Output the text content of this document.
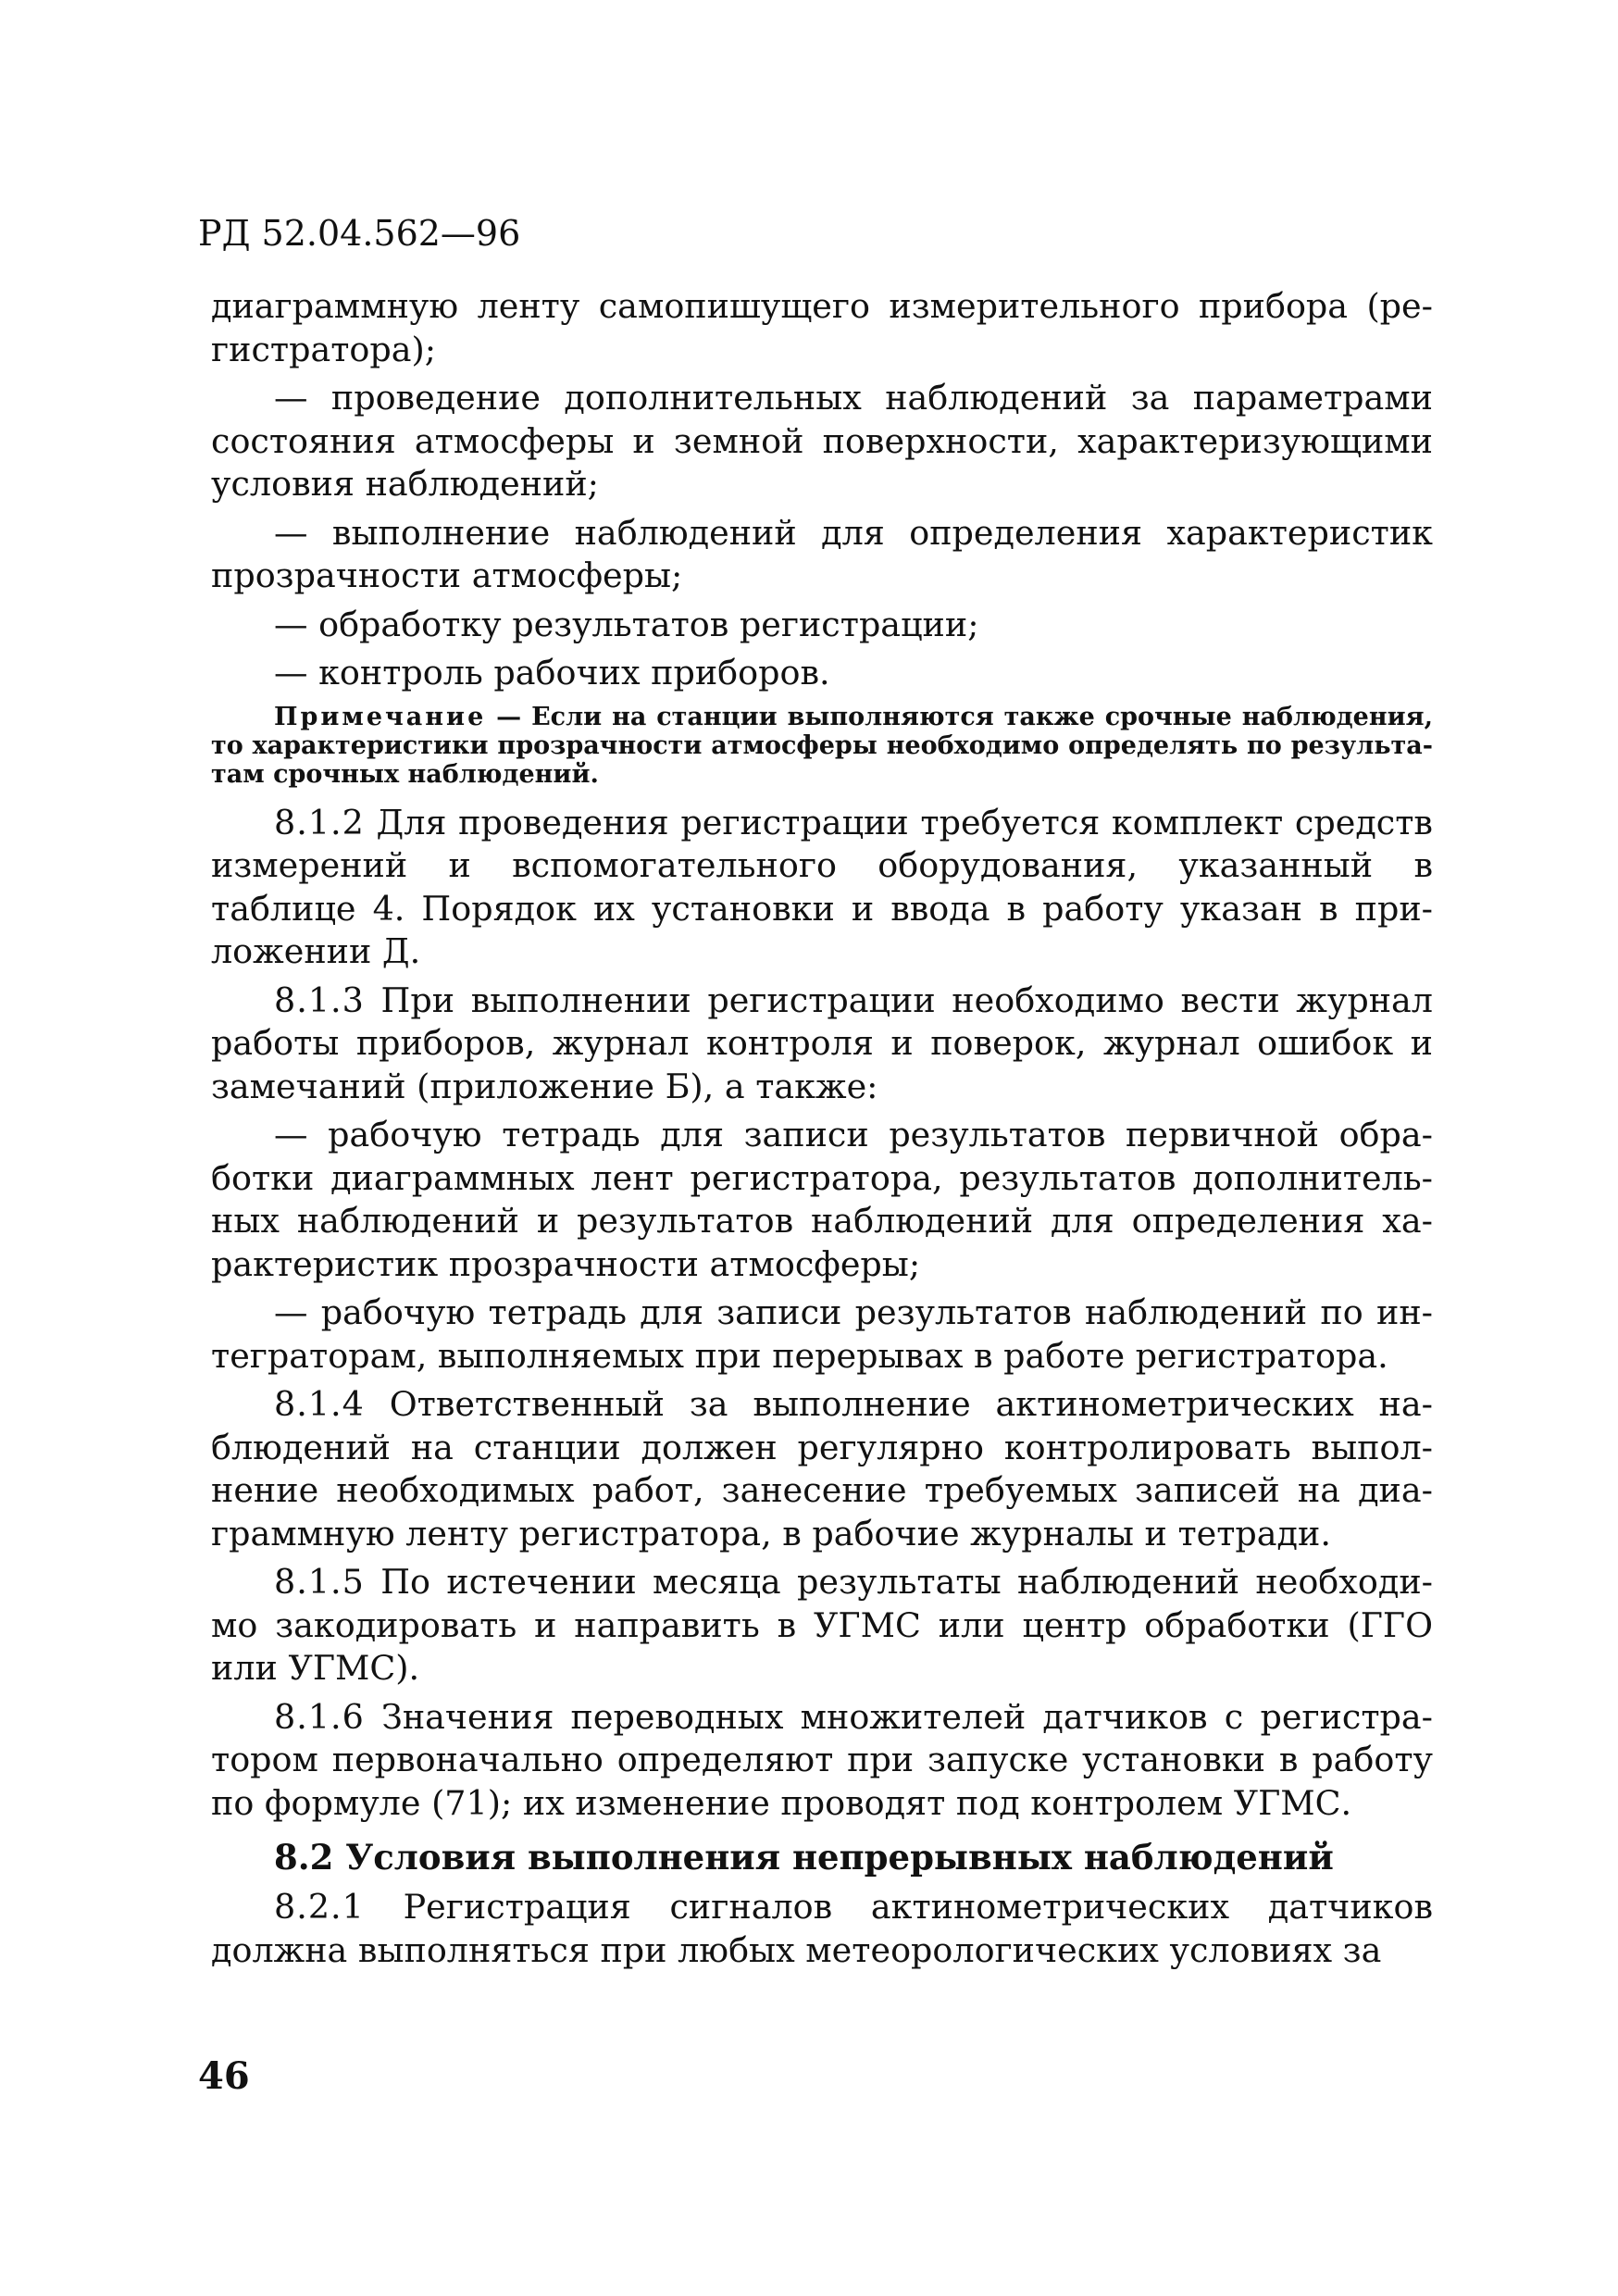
РД 52.04.562—96

диаграммную ленту самопишущего измерительного прибора (регистратора);

— проведение дополнительных наблюдений за параметрами состояния атмосферы и земной поверхности, характеризующими условия наблюдений;

— выполнение наблюдений для определения характеристик прозрачности атмосферы;

— обработку результатов регистрации;

— контроль рабочих приборов.

Примечание — Если на станции выполняются также срочные наблюдения, то характеристики прозрачности атмосферы необходимо определять по результатам срочных наблюдений.

8.1.2 Для проведения регистрации требуется комплект средств измерений и вспомогательного оборудования, указанный в таблице 4. Порядок их установки и ввода в работу указан в приложении Д.

8.1.3 При выполнении регистрации необходимо вести журнал работы приборов, журнал контроля и поверок, журнал ошибок и замечаний (приложение Б), а также:

— рабочую тетрадь для записи результатов первичной обработки диаграммных лент регистратора, результатов дополнительных наблюдений и результатов наблюдений для определения характеристик прозрачности атмосферы;

— рабочую тетрадь для записи результатов наблюдений по интеграторам, выполняемых при перерывах в работе регистратора.

8.1.4 Ответственный за выполнение актинометрических наблюдений на станции должен регулярно контролировать выполнение необходимых работ, занесение требуемых записей на диаграммную ленту регистратора, в рабочие журналы и тетради.

8.1.5 По истечении месяца результаты наблюдений необходимо закодировать и направить в УГМС или центр обработки (ГГО или УГМС).

8.1.6 Значения переводных множителей датчиков с регистратором первоначально определяют при запуске установки в работу по формуле (71); их изменение проводят под контролем УГМС.

8.2 Условия выполнения непрерывных наблюдений

8.2.1 Регистрация сигналов актинометрических датчиков должна выполняться при любых метеорологических условиях за

46
